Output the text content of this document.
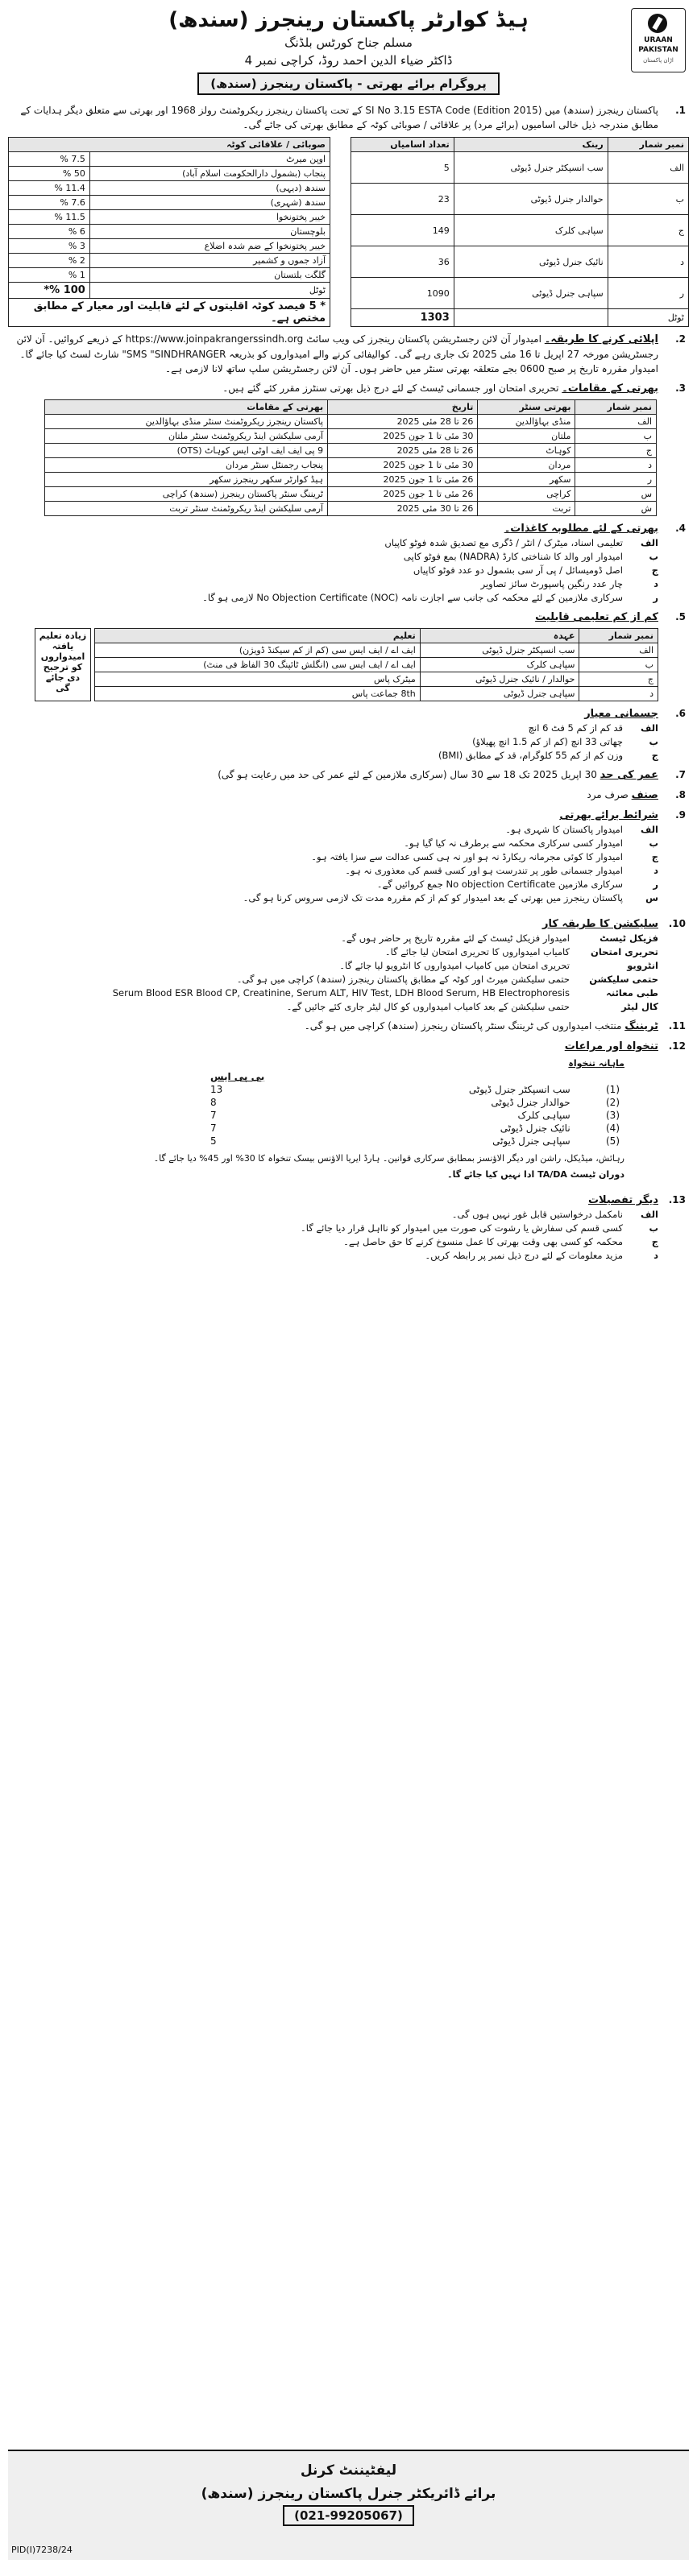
URAAN
PAKISTAN
اڑان پاکستان
ہیڈ کوارٹر پاکستان رینجرز (سندھ)
مسلم جناح کورٹس بلڈنگ
ڈاکٹر ضیاء الدین احمد روڈ، کراچی نمبر 4
پروگرام برائے بھرتی - پاکستان رینجرز (سندھ)
1.
پاکستان رینجرز (سندھ) میں SI No 3.15 ESTA Code (Edition 2015) کے تحت پاکستان رینجرز ریکروٹمنٹ رولز 1968 اور بھرتی سے متعلق دیگر ہدایات کے مطابق مندرجہ ذیل خالی اسامیوں (برائے مرد) پر علاقائی / صوبائی کوٹہ کے مطابق بھرتی کی جائے گی۔
صوبائی / علاقائی کوٹہ	
اوپن میرٹ	7.5 %
پنجاب (بشمول دارالحکومت اسلام آباد)	50 %
سندھ (دیہی)	11.4 %
سندھ (شہری)	7.6 %
خیبر پختونخوا	11.5 %
بلوچستان	6 %
خیبر پختونخوا کے ضم شدہ اضلاع	3 %
آزاد جموں و کشمیر	2 %
گلگت بلتستان	1 %
ٹوٹل	100 %*
* 5 فیصد کوٹہ اقلیتوں کے لئے قابلیت اور معیار کے مطابق مختص ہے۔	
نمبر شمار	رینک	تعداد اسامیاں
الف	سب انسپکٹر جنرل ڈیوٹی	5
ب	حوالدار جنرل ڈیوٹی	23
ج	سپاہی کلرک	149
د	نائیک جنرل ڈیوٹی	36
ر	سپاہی جنرل ڈیوٹی	1090
ٹوٹل		1303
2.
اپلائی کرنے کا طریقہ۔ امیدوار آن لائن رجسٹریشن پاکستان رینجرز کی ویب سائٹ https://www.joinpakrangerssindh.org کے ذریعے کروائیں۔ آن لائن رجسٹریشن مورخہ 27 اپریل تا 16 مئی 2025 تک جاری رہے گی۔ کوالیفائی کرنے والے امیدواروں کو بذریعہ SMS "SINDHRANGER" شارٹ لسٹ کیا جائے گا۔ امیدوار مقررہ تاریخ پر صبح 0600 بجے متعلقہ بھرتی سنٹر میں حاضر ہوں۔ آن لائن رجسٹریشن سلپ ساتھ لانا لازمی ہے۔
3.
بھرتی کے مقامات۔ تحریری امتحان اور جسمانی ٹیسٹ کے لئے درج ذیل بھرتی سنٹرز مقرر کئے گئے ہیں۔
نمبر شمار	بھرتی سنٹر	تاریخ	بھرتی کے مقامات
الف	منڈی بہاؤالدین	26 تا 28 مئی 2025	پاکستان رینجرز ریکروٹمنٹ سنٹر منڈی بہاؤالدین
ب	ملتان	30 مئی تا 1 جون 2025	آرمی سلیکشن اینڈ ریکروٹمنٹ سنٹر ملتان
ج	کوہاٹ	26 تا 28 مئی 2025	9 پی ایف ایف اوٹی ایس کوہاٹ (OTS)
د	مردان	30 مئی تا 1 جون 2025	پنجاب رجمنٹل سنٹر مردان
ر	سکھر	26 مئی تا 1 جون 2025	ہیڈ کوارٹر سکھر رینجرز سکھر
س	کراچی	26 مئی تا 1 جون 2025	ٹریننگ سنٹر پاکستان رینجرز (سندھ) کراچی
ش	تربت	26 تا 30 مئی 2025	آرمی سلیکشن اینڈ ریکروٹمنٹ سنٹر تربت
4.
بھرتی کے لئے مطلوبہ کاغذات۔
الف
تعلیمی اسناد، میٹرک / انٹر / ڈگری مع تصدیق شدہ فوٹو کاپیاں
ب
امیدوار اور والد کا شناختی کارڈ (NADRA) بمع فوٹو کاپی
ج
اصل ڈومیسائل / پی آر سی بشمول دو عدد فوٹو کاپیاں
د
چار عدد رنگین پاسپورٹ سائز تصاویر
ر
سرکاری ملازمین کے لئے محکمہ کی جانب سے اجازت نامہ No Objection Certificate (NOC) لازمی ہو گا۔
5.
کم از کم تعلیمی قابلیت
نمبر شمار	عہدہ	تعلیم
الف	سب انسپکٹر جنرل ڈیوٹی	ایف اے / ایف ایس سی (کم از کم سیکنڈ ڈویژن)
ب	سپاہی کلرک	ایف اے / ایف ایس سی (انگلش ٹائپنگ 30 الفاظ فی منٹ)
ج	حوالدار / نائیک جنرل ڈیوٹی	میٹرک پاس
د	سپاہی جنرل ڈیوٹی	8th جماعت پاس
زیادہ تعلیم یافتہ امیدواروں کو ترجیح دی جائے گی
6.
جسمانی معیار
الف
قد کم از کم 5 فٹ 6 انچ
ب
چھاتی 33 انچ (کم از کم 1.5 انچ پھیلاؤ)
ج
وزن کم از کم 55 کلوگرام، قد کے مطابق (BMI)
7.
عمر کی حد 30 اپریل 2025 تک 18 سے 30 سال (سرکاری ملازمین کے لئے عمر کی حد میں رعایت ہو گی)
8.
صنف صرف مرد
9.
شرائط برائے بھرتی
الف
امیدوار پاکستان کا شہری ہو۔
ب
امیدوار کسی سرکاری محکمہ سے برطرف نہ کیا گیا ہو۔
ج
امیدوار کا کوئی مجرمانہ ریکارڈ نہ ہو اور نہ ہی کسی عدالت سے سزا یافتہ ہو۔
د
امیدوار جسمانی طور پر تندرست ہو اور کسی قسم کی معذوری نہ ہو۔
ر
سرکاری ملازمین No objection Certificate جمع کروائیں گے۔
س
پاکستان رینجرز میں بھرتی کے بعد امیدوار کو کم از کم مقررہ مدت تک لازمی سروس کرنا ہو گی۔
10.
سلیکشن کا طریقہ کار
فزیکل ٹیسٹ
امیدوار فزیکل ٹیسٹ کے لئے مقررہ تاریخ پر حاضر ہوں گے۔
تحریری امتحان
کامیاب امیدواروں کا تحریری امتحان لیا جائے گا۔
انٹرویو
تحریری امتحان میں کامیاب امیدواروں کا انٹرویو لیا جائے گا۔
حتمی سلیکشن
حتمی سلیکشن میرٹ اور کوٹہ کے مطابق پاکستان رینجرز (سندھ) کراچی میں ہو گی۔
طبی معائنہ
Serum Blood ESR Blood CP, Creatinine, Serum ALT, HIV Test, LDH Blood Serum, HB Electrophoresis
کال لیٹر
حتمی سلیکشن کے بعد کامیاب امیدواروں کو کال لیٹر جاری کئے جائیں گے۔
11.
ٹریننگ منتخب امیدواروں کی ٹریننگ سنٹر پاکستان رینجرز (سندھ) کراچی میں ہو گی۔
12.
تنخواہ اور مراعات
ماہانہ تنخواہ
		بی پی ایس
(1)	سب انسپکٹر جنرل ڈیوٹی	13
(2)	حوالدار جنرل ڈیوٹی	8
(3)	سپاہی کلرک	7
(4)	نائیک جنرل ڈیوٹی	7
(5)	سپاہی جنرل ڈیوٹی	5
رہائش، میڈیکل، راشن اور دیگر الاؤنسز بمطابق سرکاری قوانین۔ ہارڈ ایریا الاؤنس بیسک تنخواہ کا 30% اور 45% دیا جائے گا۔
دوران ٹیسٹ TA/DA ادا نہیں کیا جائے گا۔
13.
دیگر تفصیلات
الف
نامکمل درخواستیں قابل غور نہیں ہوں گی۔
ب
کسی قسم کی سفارش یا رشوت کی صورت میں امیدوار کو نااہل قرار دیا جائے گا۔
ج
محکمہ کو کسی بھی وقت بھرتی کا عمل منسوخ کرنے کا حق حاصل ہے۔
د
مزید معلومات کے لئے درج ذیل نمبر پر رابطہ کریں۔
لیفٹیننٹ کرنل
برائے ڈائریکٹر جنرل پاکستان رینجرز (سندھ)
(021-99205067)
PID(I)7238/24
